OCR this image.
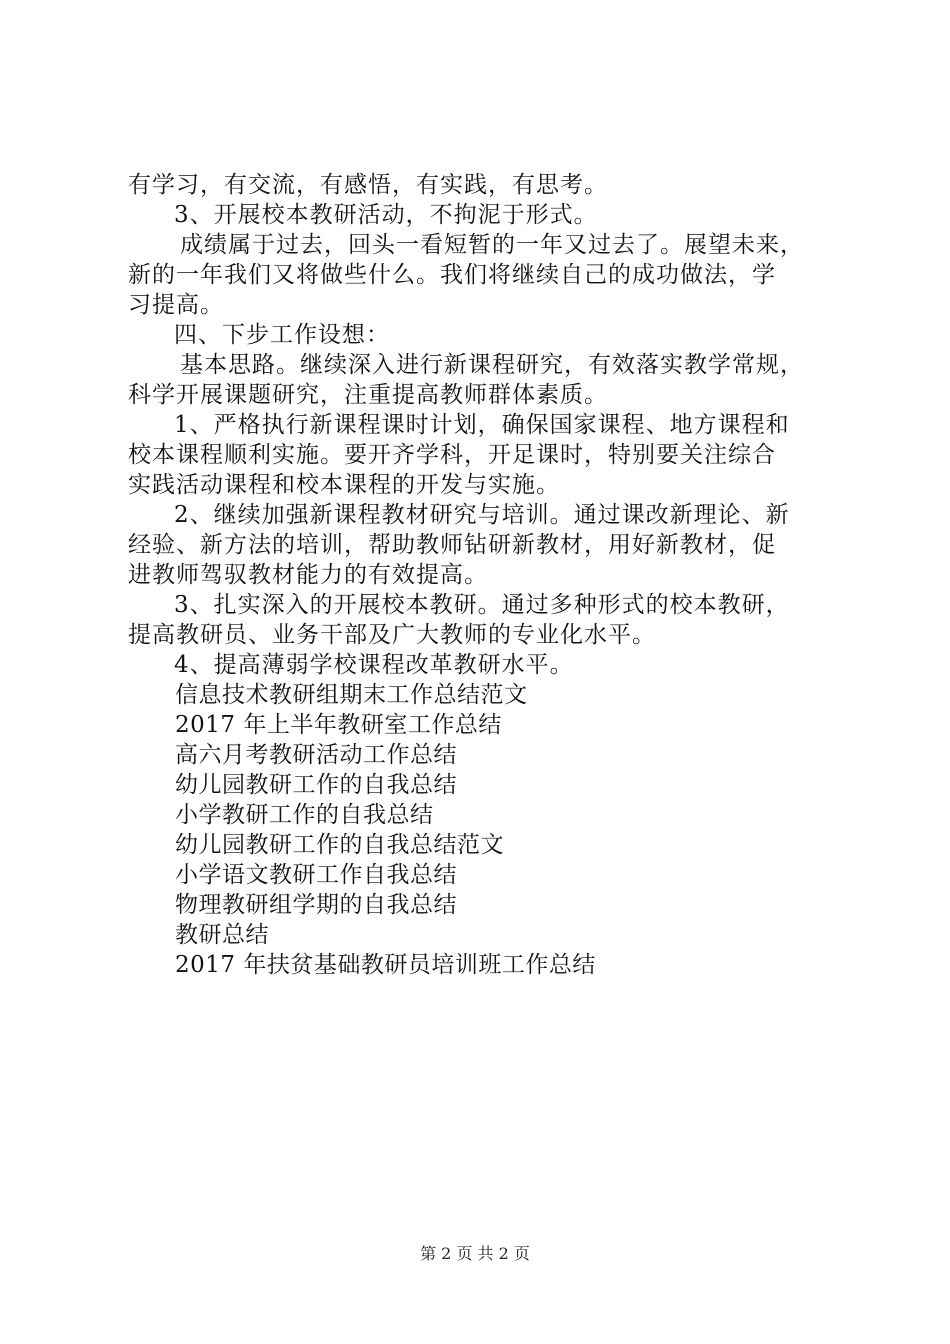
有学习，有交流，有感悟，有实践，有思考。
3、开展校本教研活动，不拘泥于形式。
成绩属于过去，回头一看短暂的一年又过去了。展望未来，
新的一年我们又将做些什么。我们将继续自己的成功做法，学
习提高。
四、下步工作设想：
基本思路。继续深入进行新课程研究，有效落实教学常规，
科学开展课题研究，注重提高教师群体素质。
1、严格执行新课程课时计划，确保国家课程、地方课程和
校本课程顺利实施。要开齐学科，开足课时，特别要关注综合
实践活动课程和校本课程的开发与实施。
2、继续加强新课程教材研究与培训。通过课改新理论、新
经验、新方法的培训，帮助教师钻研新教材，用好新教材，促
进教师驾驭教材能力的有效提高。
3、扎实深入的开展校本教研。通过多种形式的校本教研，
提高教研员、业务干部及广大教师的专业化水平。
4、提高薄弱学校课程改革教研水平。
信息技术教研组期末工作总结范文
2017 年上半年教研室工作总结
高六月考教研活动工作总结
幼儿园教研工作的自我总结
小学教研工作的自我总结
幼儿园教研工作的自我总结范文
小学语文教研工作自我总结
物理教研组学期的自我总结
教研总结
2017 年扶贫基础教研员培训班工作总结
第 2 页 共 2 页
